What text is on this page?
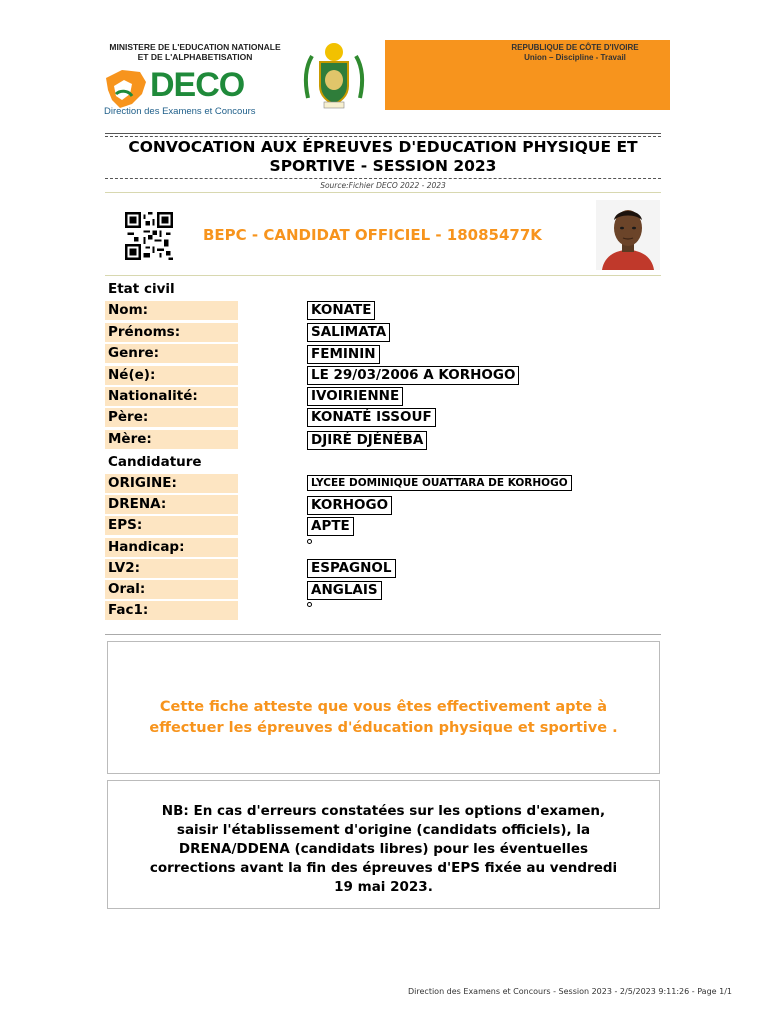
MINISTERE DE L'EDUCATION NATIONALE
ET DE L'ALPHABETISATION
DECO
Direction des Examens et Concours
REPUBLIQUE DE CÔTE D'IVOIRE
Union – Discipline - Travail
CONVOCATION AUX ÉPREUVES D'EDUCATION PHYSIQUE ET
SPORTIVE - SESSION 2023
Source:Fichier DECO 2022 - 2023
BEPC - CANDIDAT OFFICIEL - 18085477K
Etat civil
Nom:	KONATE
Prénoms:	SALIMATA
Genre:	FEMININ
Né(e):	LE 29/03/2006 A KORHOGO
Nationalité:	IVOIRIENNE
Père:	KONATÉ ISSOUF
Mère:	DJIRÉ DJÉNÉBA
Candidature
ORIGINE:	LYCEE DOMINIQUE OUATTARA DE KORHOGO
DRENA:	KORHOGO
EPS:	APTE
Handicap:
LV2:	ESPAGNOL
Oral:	ANGLAIS
Fac1:
Cette fiche atteste que vous êtes effectivement apte à
effectuer les épreuves d'éducation physique et sportive .
NB: En cas d'erreurs constatées sur les options d'examen,
saisir l'établissement d'origine (candidats officiels), la
DRENA/DDENA (candidats libres) pour les éventuelles
corrections avant la fin des épreuves d'EPS fixée au vendredi
19 mai 2023.
Direction des Examens et Concours - Session 2023 - 2/5/2023 9:11:26 - Page 1/1
